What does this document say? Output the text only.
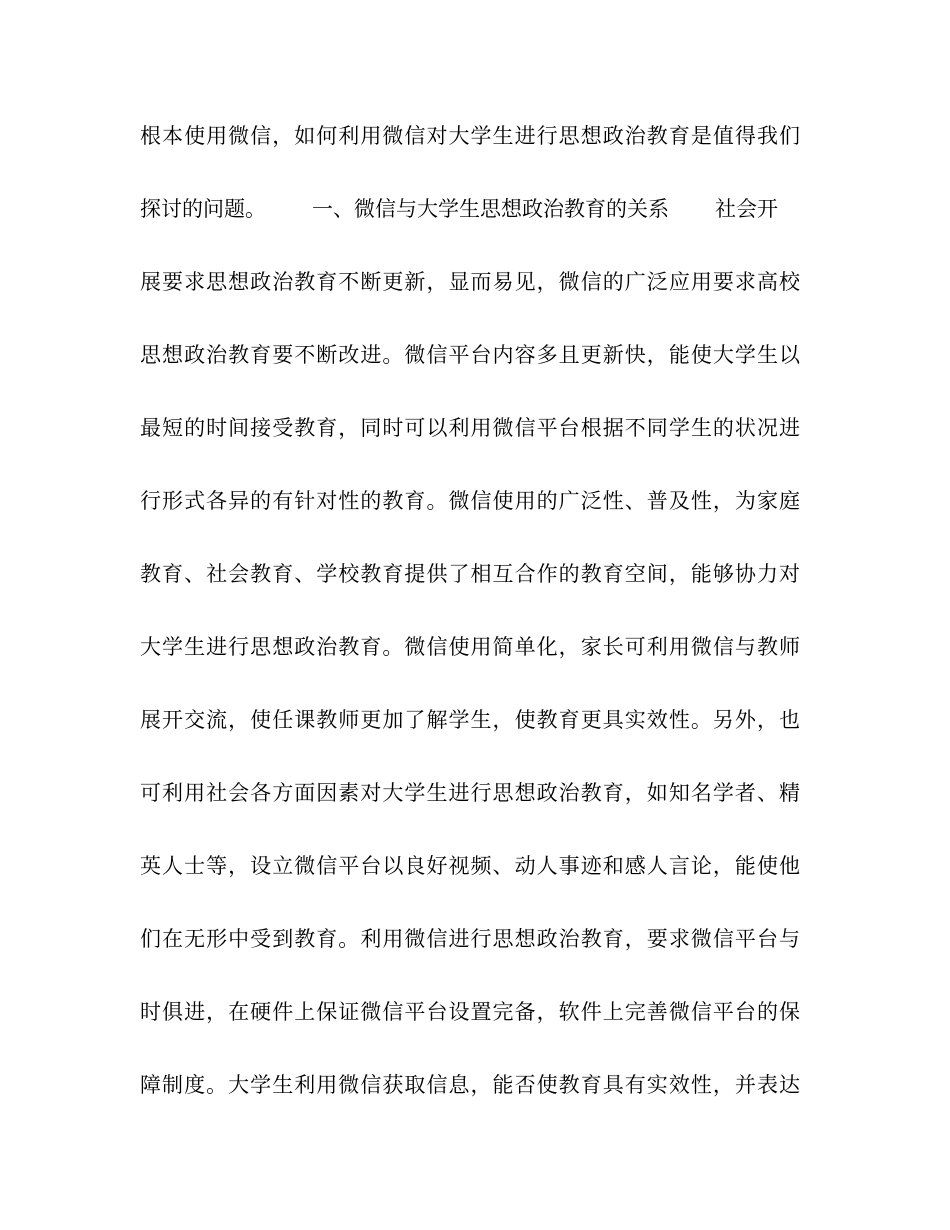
根本使用微信，如何利用微信对大学生进行思想政治教育是值得我们
探讨的问题。 一、微信与大学生思想政治教育的关系 社会开
展要求思想政治教育不断更新，显而易见，微信的广泛应用要求高校
思想政治教育要不断改进。微信平台内容多且更新快，能使大学生以
最短的时间接受教育，同时可以利用微信平台根据不同学生的状况进
行形式各异的有针对性的教育。微信使用的广泛性、普及性，为家庭
教育、社会教育、学校教育提供了相互合作的教育空间，能够协力对
大学生进行思想政治教育。微信使用简单化，家长可利用微信与教师
展开交流，使任课教师更加了解学生，使教育更具实效性。另外，也
可利用社会各方面因素对大学生进行思想政治教育，如知名学者、精
英人士等，设立微信平台以良好视频、动人事迹和感人言论，能使他
们在无形中受到教育。利用微信进行思想政治教育，要求微信平台与
时俱进，在硬件上保证微信平台设置完备，软件上完善微信平台的保
障制度。大学生利用微信获取信息，能否使教育具有实效性，并表达
